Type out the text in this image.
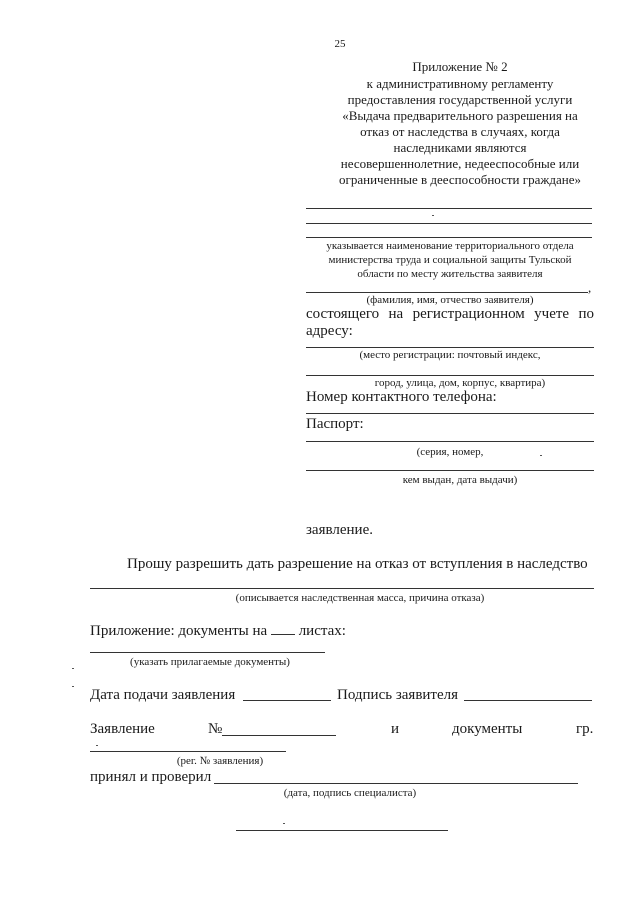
25
Приложение № 2
к административному регламенту
предоставления государственной услуги
«Выдача предварительного разрешения на
отказ от наследства в случаях, когда
наследниками являются
несовершеннолетние, недееспособные или
ограниченные в дееспособности граждане»
указывается наименование территориального отдела
министерства труда и социальной защиты Тульской
области по месту жительства заявителя
,
(фамилия, имя, отчество заявителя)
состоящего на регистрационном учете по
адресу:
(место регистрации: почтовый индекс,
город, улица, дом, корпус, квартира)
Номер контактного телефона:
Паспорт:
(серия, номер,
кем выдан, дата выдачи)
заявление.
Прошу разрешить дать разрешение на отказ от вступления в наследство
(описывается наследственная масса, причина отказа)
Приложение: документы на листах:
(указать прилагаемые документы)
Дата подачи заявления	Подпись заявителя
Заявление	№	и	документы	гр.
(рег. № заявления)
принял и проверил
(дата, подпись специалиста)
